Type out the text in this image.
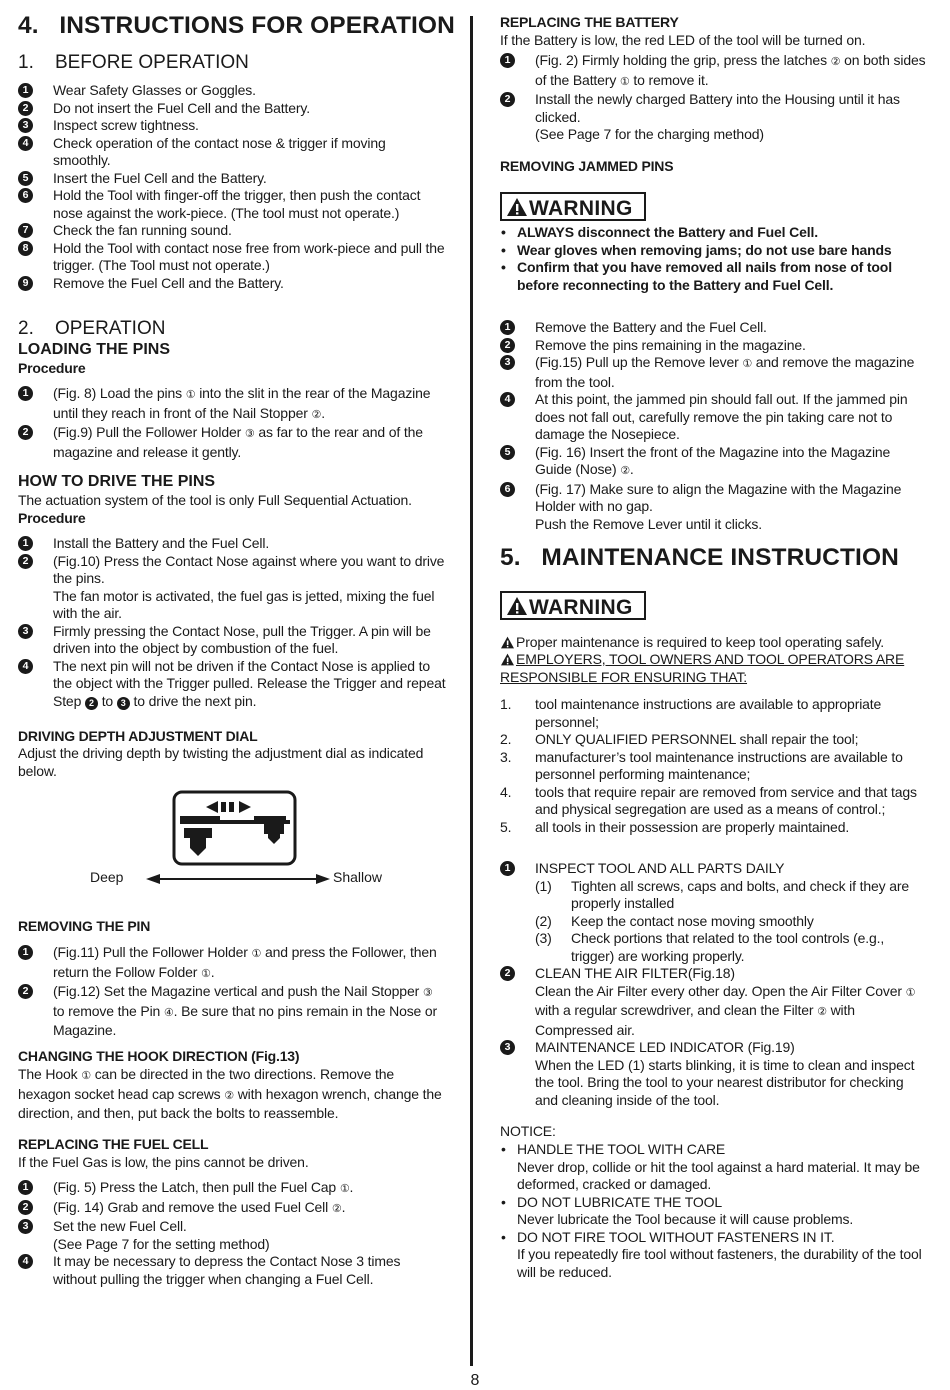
4.   INSTRUCTIONS FOR OPERATION
1.    BEFORE OPERATION
1	Wear Safety Glasses or Goggles.
2	Do not insert the Fuel Cell and the Battery.
3	Inspect screw tightness.
4	Check operation of the contact nose & trigger if moving smoothly.
5	Insert the Fuel Cell and the Battery.
6	Hold the Tool with finger-off the trigger, then push the contact nose against the work-piece. (The tool must not operate.)
7	Check the fan running sound.
8	Hold the Tool with contact nose free from work-piece and pull the trigger. (The Tool must not operate.)
9	Remove the Fuel Cell and the Battery.
2.    OPERATION
LOADING THE PINS
Procedure
1	(Fig. 8) Load the pins ① into the slit in the rear of the Magazine until they reach in front of the Nail Stopper ②.
2	(Fig.9) Pull the Follower Holder ③ as far to the rear and of the magazine and release it gently.
HOW TO DRIVE THE PINS
The actuation system of the tool is only Full Sequential Actuation.
Procedure
1	Install the Battery and the Fuel Cell.
2	(Fig.10) Press the Contact Nose against where you want to drive the pins.
The fan motor is activated, the fuel gas is jetted, mixing the fuel with the air.
3	Firmly pressing the Contact Nose, pull the Trigger. A pin will be driven into the object by combustion of the fuel.
4	The next pin will not be driven if the Contact Nose is applied to the object with the Trigger pulled. Release the Trigger and repeat Step 2 to 3 to drive the next pin.
DRIVING DEPTH ADJUSTMENT DIAL
Adjust the driving depth by twisting the adjustment dial as indicated below.
Deep	Shallow
REMOVING THE PIN
1	(Fig.11) Pull the Follower Holder ① and press the Follower, then return the Follow Folder ①.
2	(Fig.12) Set the Magazine vertical and push the Nail Stopper ③ to remove the Pin ④. Be sure that no pins remain in the Nose or Magazine.
CHANGING THE HOOK DIRECTION (Fig.13)
The Hook ① can be directed in the two directions. Remove the hexagon socket head cap screws ② with hexagon wrench, change the direction, and then, put back the bolts to reassemble.
REPLACING THE FUEL CELL
If the Fuel Gas is low, the pins cannot be driven.
1	(Fig. 5) Press the Latch, then pull the Fuel Cap ①.
2	(Fig. 14) Grab and remove the used Fuel Cell ②.
3	Set the new Fuel Cell.
(See Page 7 for the setting method)
4	It may be necessary to depress the Contact Nose 3 times without pulling the trigger when changing a Fuel Cell.
REPLACING THE BATTERY
If the Battery is low, the red LED of the tool will be turned on.
1	(Fig. 2) Firmly holding the grip, press the latches ② on both sides of the Battery ① to remove it.
2	Install the newly charged Battery into the Housing until it has clicked.
(See Page 7 for the charging method)
REMOVING JAMMED PINS
WARNING
• ALWAYS disconnect the Battery and Fuel Cell.
• Wear gloves when removing jams; do not use bare hands
• Confirm that you have removed all nails from nose of tool before reconnecting to the Battery and Fuel Cell.
1	Remove the Battery and the Fuel Cell.
2	Remove the pins remaining in the magazine.
3	(Fig.15) Pull up the Remove lever ① and remove the magazine from the tool.
4	At this point, the jammed pin should fall out. If the jammed pin does not fall out, carefully remove the pin taking care not to damage the Nosepiece.
5	(Fig. 16) Insert the front of the Magazine into the Magazine Guide (Nose) ②.
6	(Fig. 17) Make sure to align the Magazine with the Magazine Holder with no gap.
Push the Remove Lever until it clicks.
5.   MAINTENANCE INSTRUCTION
WARNING
Proper maintenance is required to keep tool operating safely.
EMPLOYERS, TOOL OWNERS AND TOOL OPERATORS ARE RESPONSIBLE FOR ENSURING THAT:
1. tool maintenance instructions are available to appropriate personnel;
2. ONLY QUALIFIED PERSONNEL shall repair the tool;
3. manufacturer’s tool maintenance instructions are available to personnel performing maintenance;
4. tools that require repair are removed from service and that tags and physical segregation are used as a means of control.;
5. all tools in their possession are properly maintained.
1	INSPECT TOOL AND ALL PARTS DAILY
(1) Tighten all screws, caps and bolts, and check if they are properly installed
(2) Keep the contact nose moving smoothly
(3) Check portions that related to the tool controls (e.g., trigger) are working properly.
2	CLEAN THE AIR FILTER(Fig.18)
Clean the Air Filter every other day. Open the Air Filter Cover ① with a regular screwdriver, and clean the Filter ② with Compressed air.
3	MAINTENANCE LED INDICATOR (Fig.19)
When the LED (1) starts blinking, it is time to clean and inspect the tool. Bring the tool to your nearest distributor for checking and cleaning inside of the tool.
NOTICE:
• HANDLE THE TOOL WITH CARE
Never drop, collide or hit the tool against a hard material. It may be deformed, cracked or damaged.
• DO NOT LUBRICATE THE TOOL
Never lubricate the Tool because it will cause problems.
• DO NOT FIRE TOOL WITHOUT FASTENERS IN IT.
If you repeatedly fire tool without fasteners, the durability of the tool will be reduced.
8
